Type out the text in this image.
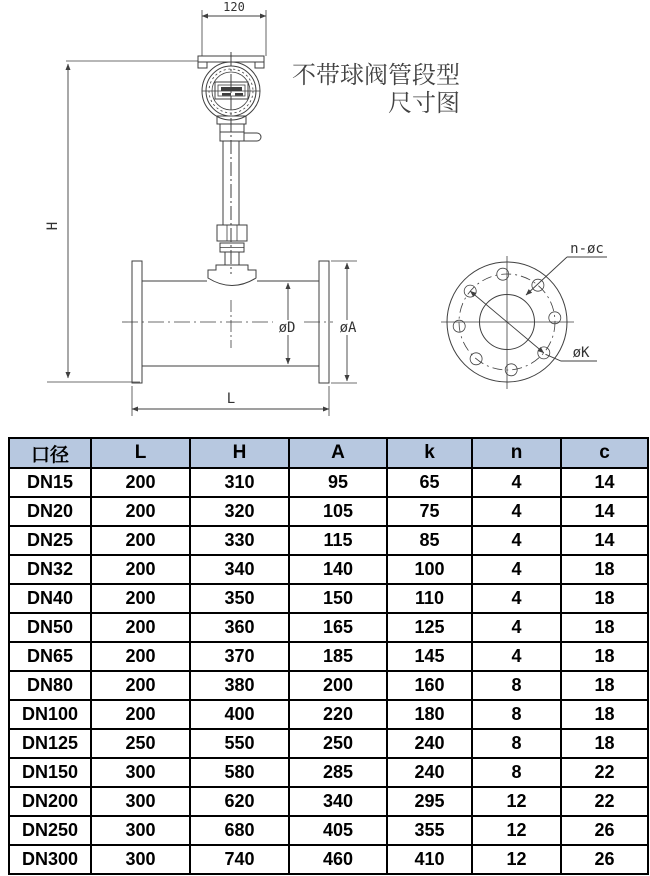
120
øD	øA
H
L
øK
n-øc
不带球阀管段型
尺寸图
口径	L	H	A	k	n	c
DN15	200	310	95	65	4	14
DN20	200	320	105	75	4	14
DN25	200	330	115	85	4	14
DN32	200	340	140	100	4	18
DN40	200	350	150	110	4	18
DN50	200	360	165	125	4	18
DN65	200	370	185	145	4	18
DN80	200	380	200	160	8	18
DN100	200	400	220	180	8	18
DN125	250	550	250	240	8	18
DN150	300	580	285	240	8	22
DN200	300	620	340	295	12	22
DN250	300	680	405	355	12	26
DN300	300	740	460	410	12	26
